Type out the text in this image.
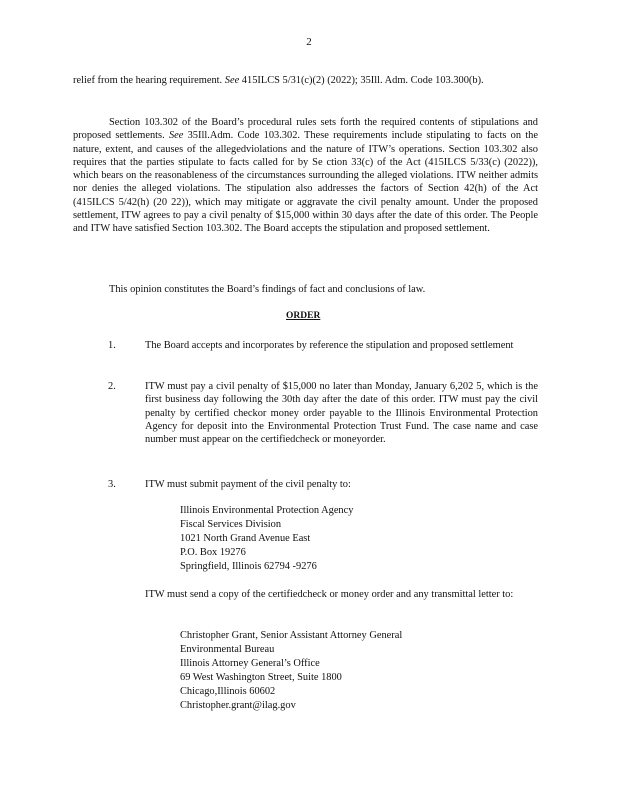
2

relief from the hearing requirement. See 415ILCS 5/31(c)(2) (2022); 35Ill. Adm. Code 103.300(b).

Section 103.302 of the Board’s procedural rules sets forth the required contents of stipulations and proposed settlements. See 35Ill.Adm. Code 103.302. These requirements include stipulating to facts on the nature, extent, and causes of the allegedviolations and the nature of ITW’s operations. Section 103.302 also requires that the parties stipulate to facts called for by Se ction 33(c) of the Act (415ILCS 5/33(c) (2022)), which bears on the reasonableness of the circumstances surrounding the alleged violations. ITW neither admits nor denies the alleged violations. The stipulation also addresses the factors of Section 42(h) of the Act (415ILCS 5/42(h) (20 22)), which may mitigate or aggravate the civil penalty amount. Under the proposed settlement, ITW agrees to pay a civil penalty of $15,000 within 30 days after the date of this order. The People and ITW have satisfied Section 103.302. The Board accepts the stipulation and proposed settlement.

This opinion constitutes the Board’s findings of fact and conclusions of law.

ORDER
1.	The Board accepts and incorporates by reference the stipulation and proposed settlement
2.	ITW must pay a civil penalty of $15,000 no later than Monday, January 6,202 5, which is the first business day following the 30th day after the date of this order. ITW must pay the civil penalty by certified checkor money order payable to the Illinois Environmental Protection Agency for deposit into the Environmental Protection Trust Fund. The case name and case number must appear on the certifiedcheck or moneyorder.
3.	ITW must submit payment of the civil penalty to:
Illinois Environmental Protection Agency
Fiscal Services Division
1021 North Grand Avenue East
P.O. Box 19276
Springfield, Illinois 62794 -9276
ITW must send a copy of the certifiedcheck or money order and any transmittal letter to:
Christopher Grant, Senior Assistant Attorney General
Environmental Bureau
Illinois Attorney General’s Office
69 West Washington Street, Suite 1800
Chicago,Illinois 60602
Christopher.grant@ilag.gov
